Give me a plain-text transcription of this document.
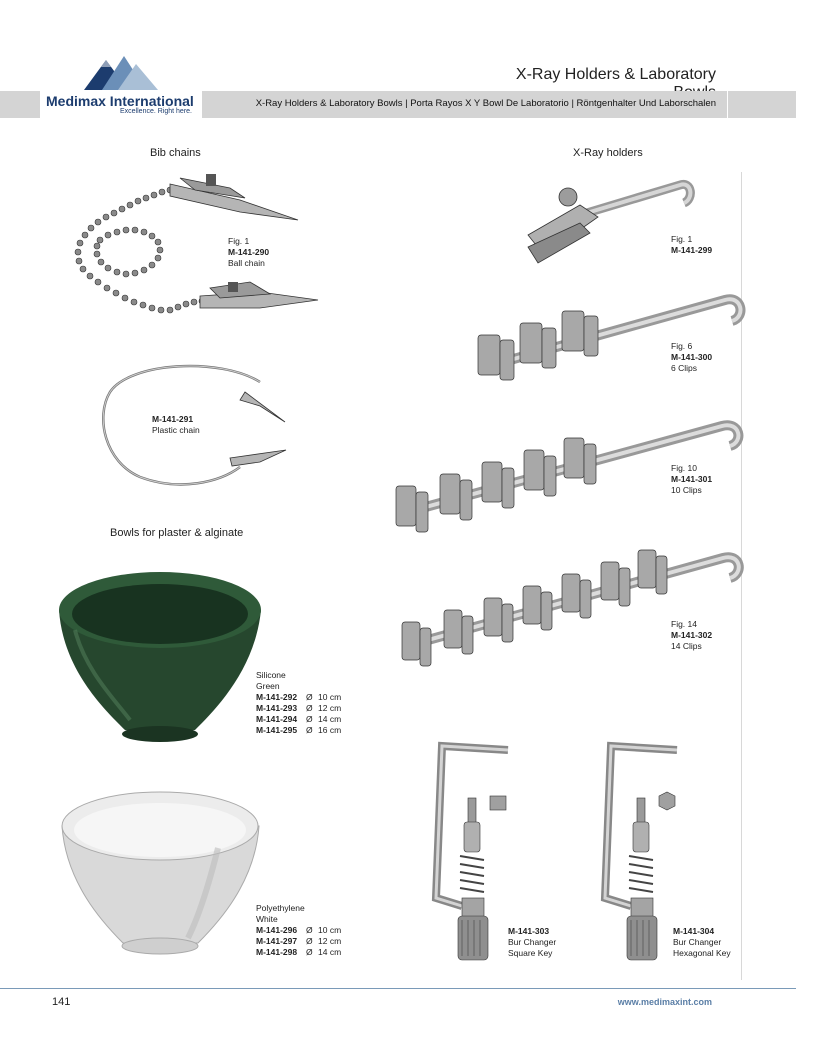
X-Ray Holders & Laboratory
Medimax International
Excellence. Right here.
X-Ray Holders & Laboratory Bowls | Porta Rayos X Y Bowl De Laboratorio | Röntgenhalter Und Laborschalen
Bib chains	X-Ray holders
Bowls for plaster & alginate
Fig. 1
M-141-290
Ball chain
M-141-291
Plastic chain
Silicone
Green
M-141-292	Ø 10 cm
M-141-293	Ø 12 cm
M-141-294	Ø 14 cm
M-141-295	Ø 16 cm
Polyethylene
White
M-141-296	Ø 10 cm
M-141-297	Ø 12 cm
M-141-298	Ø 14 cm
Fig. 1
M-141-299
Fig. 6
M-141-300
6 Clips
Fig. 10
M-141-301
10 Clips
Fig. 14
M-141-302
14 Clips
M-141-303
Bur Changer
Square Key
M-141-304
Bur Changer
Hexagonal Key
141	www.medimaxint.com
